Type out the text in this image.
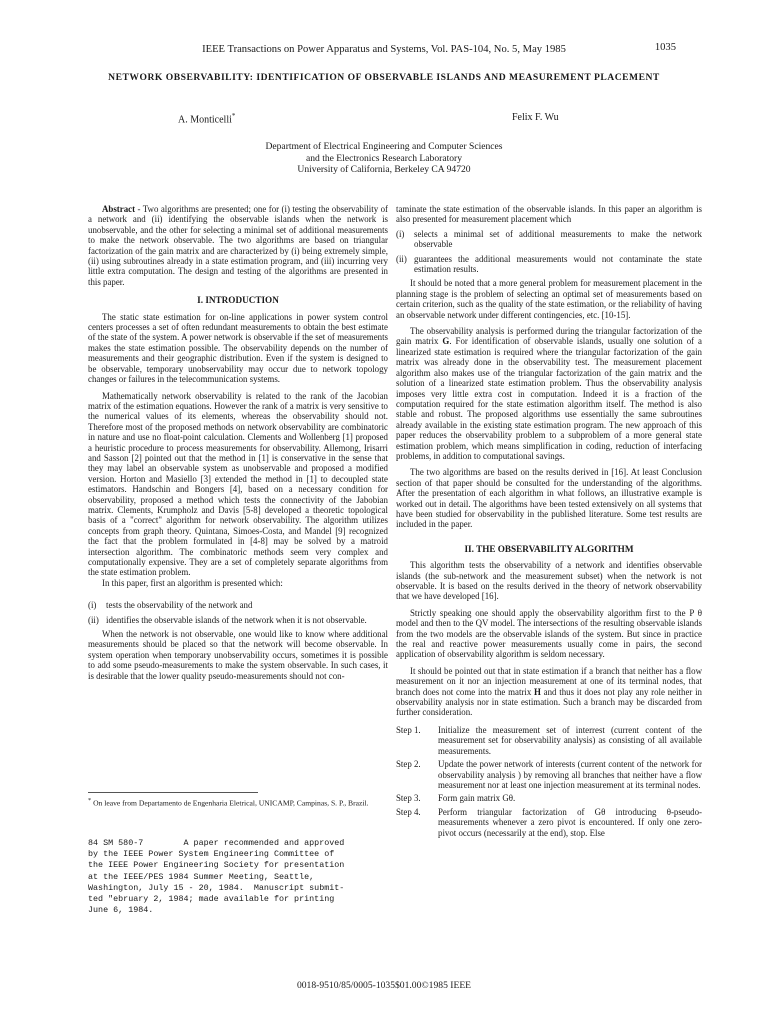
IEEE Transactions on Power Apparatus and Systems, Vol. PAS-104, No. 5, May 1985	1035
NETWORK OBSERVABILITY: IDENTIFICATION OF OBSERVABLE ISLANDS AND MEASUREMENT PLACEMENT
A. Monticelli*	Felix F. Wu
Department of Electrical Engineering and Computer Sciences
and the Electronics Research Laboratory
University of California, Berkeley CA 94720

Abstract - Two algorithms are presented; one for (i) testing the observability of a network and (ii) identifying the observable islands when the network is unobservable, and the other for selecting a minimal set of additional measurements to make the network observable. The two algorithms are based on triangular factorization of the gain matrix and are characterized by (i) being extremely simple, (ii) using subroutines already in a state estimation program, and (iii) incurring very little extra computation. The design and testing of the algorithms are presented in this paper.

I. INTRODUCTION

The static state estimation for on-line applications in power system control centers processes a set of often redundant measurements to obtain the best estimate of the state of the system. A power network is observable if the set of measurements makes the state estimation possible. The observability depends on the number of measurements and their geographic distribution. Even if the system is designed to be observable, temporary unobservability may occur due to network topology changes or failures in the telecommunication systems.

Mathematically network observability is related to the rank of the Jacobian matrix of the estimation equations. However the rank of a matrix is very sensitive to the numerical values of its elements, whereas the observability should not. Therefore most of the proposed methods on network observability are combinatoric in nature and use no float-point calculation. Clements and Wollenberg [1] proposed a heuristic procedure to process measurements for observability. Allemong, Irisarri and Sasson [2] pointed out that the method in [1] is conservative in the sense that they may label an observable system as unobservable and proposed a modified version. Horton and Masiello [3] extended the method in [1] to decoupled state estimators. Handschin and Bongers [4], based on a necessary condition for observability, proposed a method which tests the connectivity of the Jabobian matrix. Clements, Krumpholz and Davis [5-8] developed a theoretic topological basis of a "correct" algorithm for network observability. The algorithm utilizes concepts from graph theory. Quintana, Simoes-Costa, and Mandel [9] recognized the fact that the problem formulated in [4-8] may be solved by a matroid intersection algorithm. The combinatoric methods seem very complex and computationally expensive. They are a set of completely separate algorithms from the state estimation problem.

In this paper, first an algorithm is presented which:

(i)	tests the observability of the network and
(ii) identifies the observable islands of the network when it is not observable.

When the network is not observable, one would like to know where additional measurements should be placed so that the network will become observable. In system operation when temporary unobservability occurs, sometimes it is possible to add some pseudo-measurements to make the system observable. In such cases, it is desirable that the lower quality pseudo-measurements should not con-

* On leave from Departamento de Engenharia Eletrical, UNICAMP, Campinas, S. P., Brazil.
84 SM 580-7        A paper recommended and approved
by the IEEE Power System Engineering Committee of
the IEEE Power Engineering Society for presentation
at the IEEE/PES 1984 Summer Meeting, Seattle,
Washington, July 15 - 20, 1984.  Manuscript submit-
ted "ebruary 2, 1984; made available for printing
June 6, 1984.

taminate the state estimation of the observable islands. In this paper an algorithm is also presented for measurement placement which

(i)	selects a minimal set of additional measurements to make the network observable
(ii) guarantees the additional measurements would not contaminate the state estimation results.

It should be noted that a more general problem for measurement placement in the planning stage is the problem of selecting an optimal set of measurements based on certain criterion, such as the quality of the state estimation, or the reliability of having an observable network under different contingencies, etc. [10-15].

The observability analysis is performed during the triangular factorization of the gain matrix G. For identification of observable islands, usually one solution of a linearized state estimation is required where the triangular factorization of the gain matrix was already done in the observability test. The measurement placement algorithm also makes use of the triangular factorization of the gain matrix and the solution of a linearized state estimation problem. Thus the observability analysis imposes very little extra cost in computation. Indeed it is a fraction of the computation required for the state estimation algorithm itself. The method is also stable and robust. The proposed algorithms use essentially the same subroutines already available in the existing state estimation program. The new approach of this paper reduces the observability problem to a subproblem of a more general state estimation problem, which means simplification in coding, reduction of interfacing problems, in addition to computational savings.

The two algorithms are based on the results derived in [16]. At least Conclusion section of that paper should be consulted for the understanding of the algorithms. After the presentation of each algorithm in what follows, an illustrative example is worked out in detail. The algorithms have been tested extensively on all systems that have been studied for observability in the published literature. Some test results are included in the paper.

II. THE OBSERVABILITY ALGORITHM

This algorithm tests the observability of a network and identifies observable islands (the sub-network and the measurement subset) when the network is not observable. It is based on the results derived in the theory of network observability that we have developed [16].

Strictly speaking one should apply the observability algorithm first to the P θ model and then to the QV model. The intersections of the resulting observable islands from the two models are the observable islands of the system. But since in practice the real and reactive power measurements usually come in pairs, the second application of observability algorithm is seldom necessary.

It should be pointed out that in state estimation if a branch that neither has a flow measurement on it nor an injection measurement at one of its terminal nodes, that branch does not come into the matrix H and thus it does not play any role neither in observability analysis nor in state estimation. Such a branch may be discarded from further consideration.

Step 1.	Initialize the measurement set of interrest (current content of the measurement set for observability analysis) as consisting of all available measurements.
Step 2.	Update the power network of interests (current content of the network for observability analysis ) by removing all branches that neither have a flow measurement nor at least one injection measurement at its terminal nodes.
Step 3.	Form gain matrix Gθ.
Step 4.	Perform triangular factorization of Gθ introducing θ-pseudo-measurements whenever a zero pivot is encountered. If only one zero-pivot occurs (necessarily at the end), stop. Else
0018-9510/85/0005-1035$01.00©1985 IEEE
